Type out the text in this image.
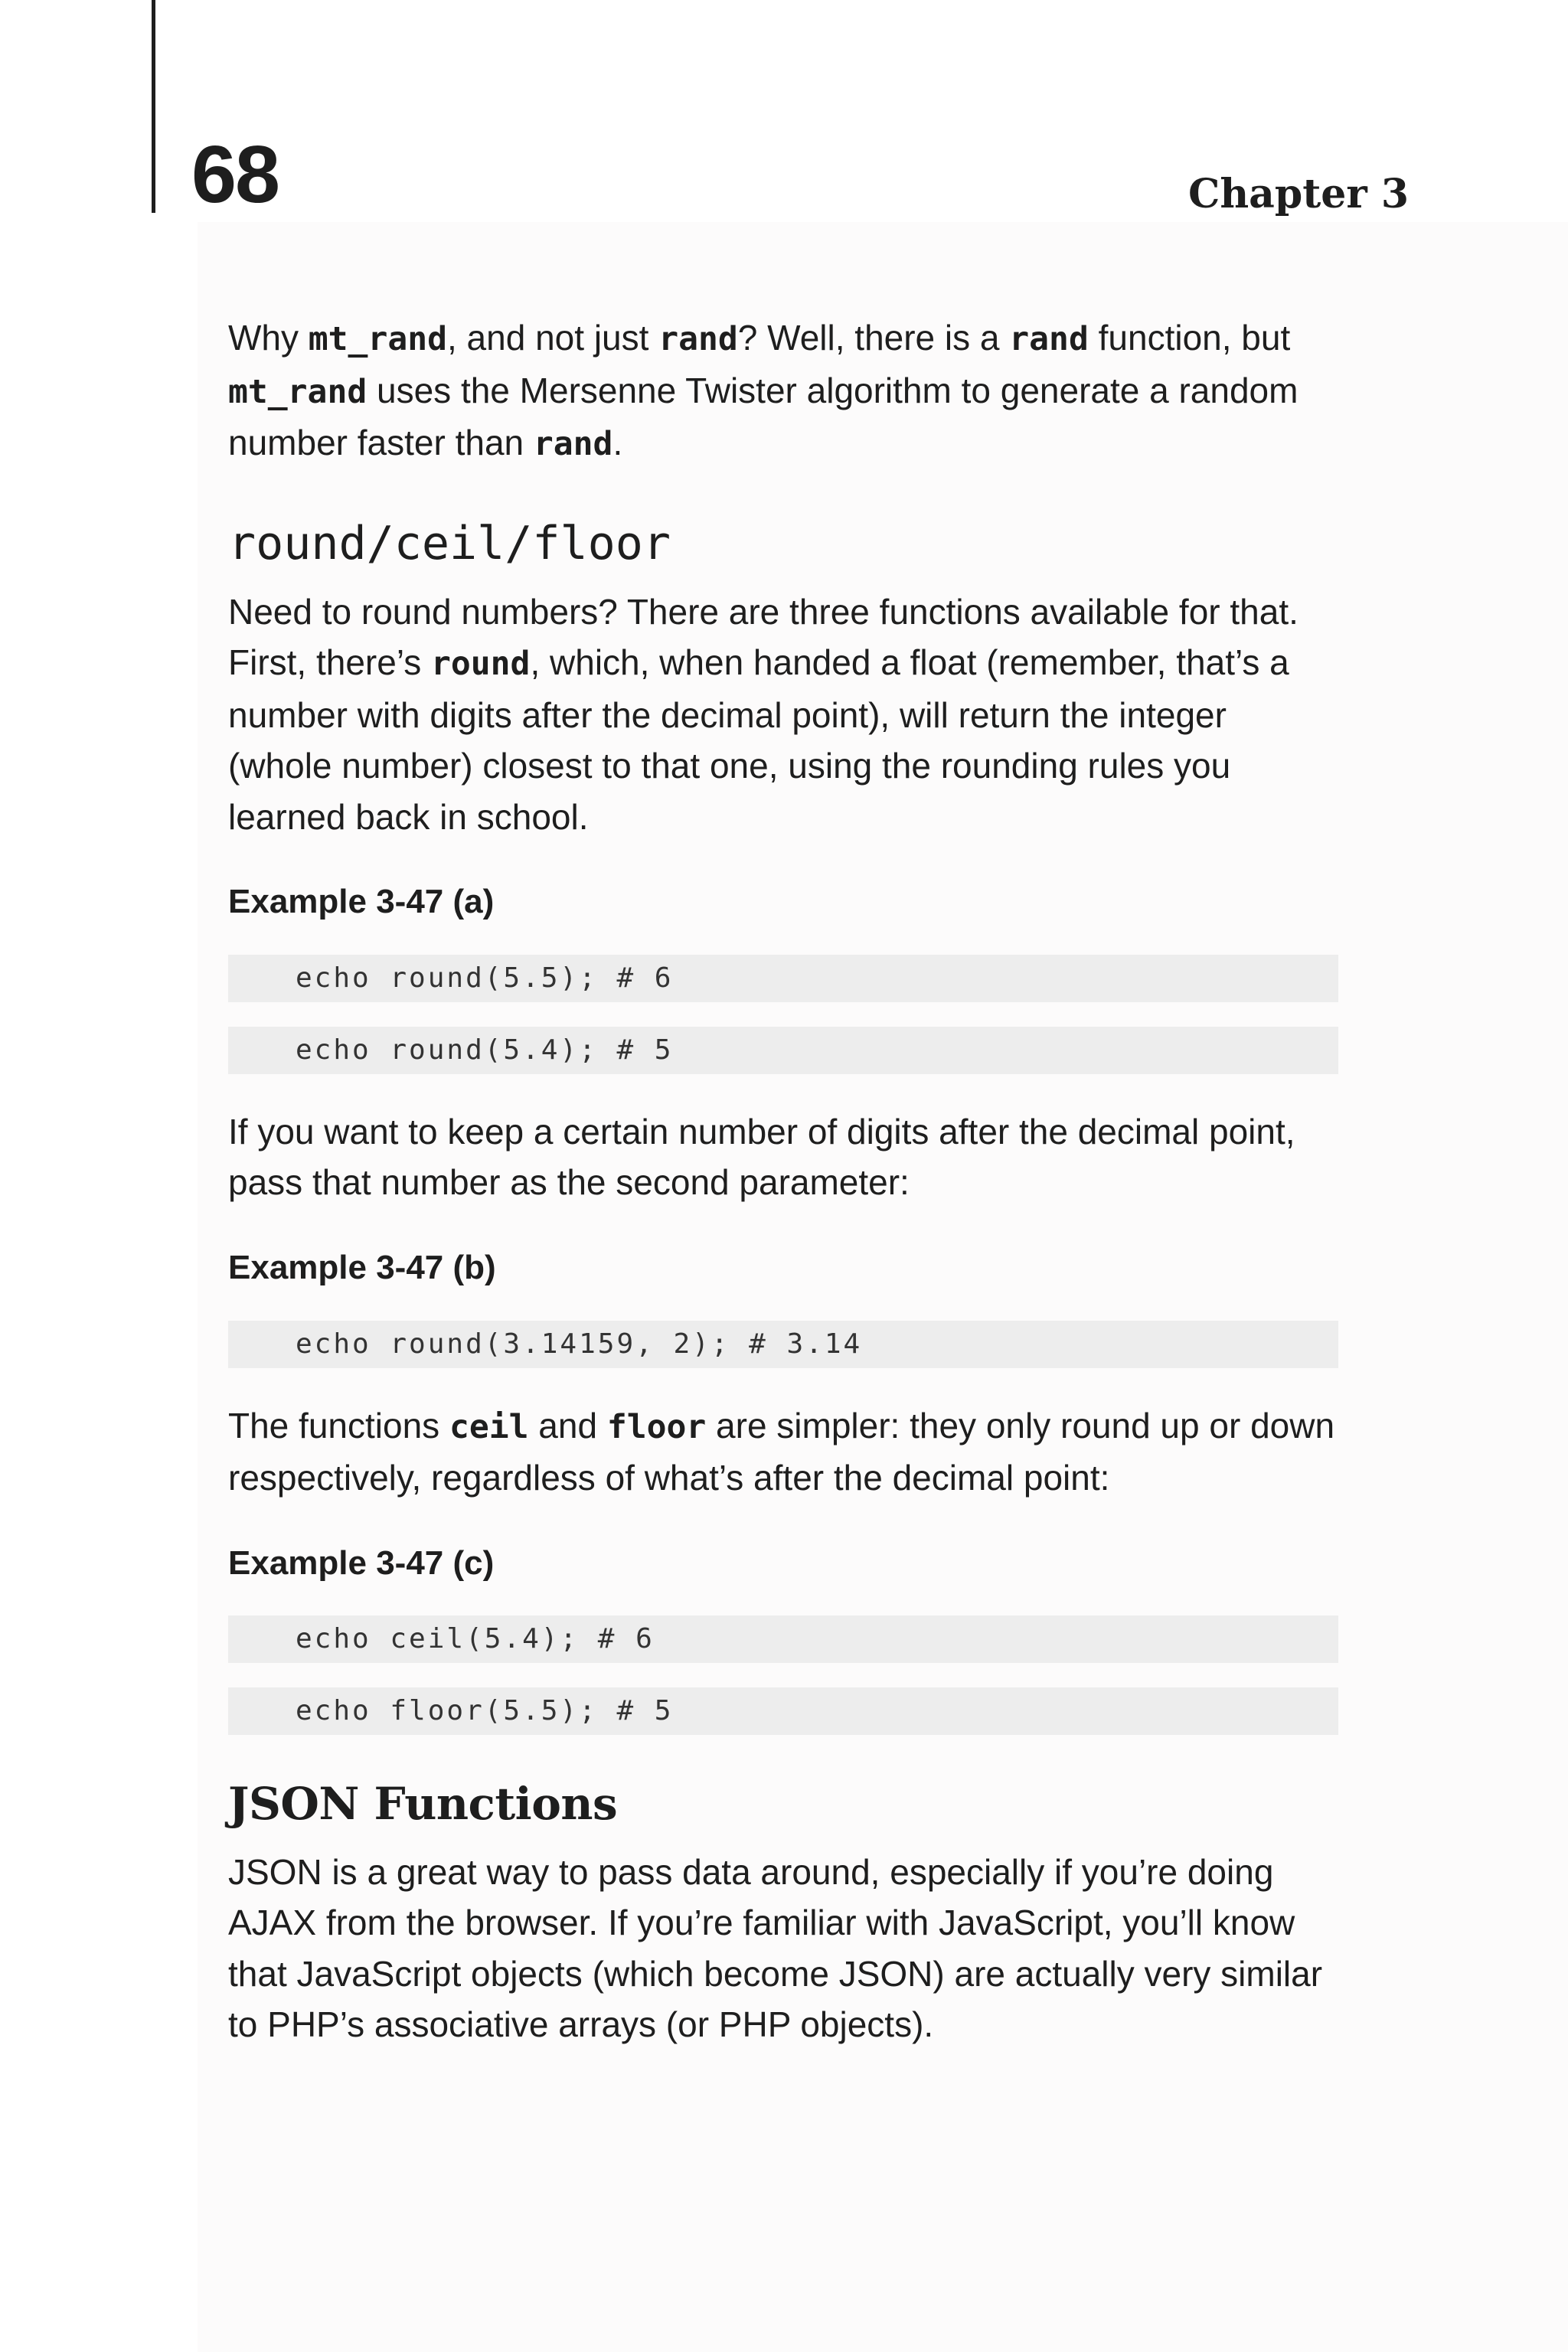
68	Chapter 3

Why mt_rand, and not just rand? Well, there is a rand function, but mt_rand uses the Mersenne Twister algorithm to generate a random number faster than rand.

round/ceil/floor

Need to round numbers? There are three functions available for that. First, there’s round, which, when handed a float (remember, that’s a number with digits after the decimal point), will return the integer (whole number) closest to that one, using the rounding rules you learned back in school.

Example 3-47 (a)
echo round(5.5); # 6
echo round(5.4); # 5

If you want to keep a certain number of digits after the decimal point, pass that number as the second parameter:

Example 3-47 (b)
echo round(3.14159, 2); # 3.14

The functions ceil and floor are simpler: they only round up or down respectively, regardless of what’s after the decimal point:

Example 3-47 (c)
echo ceil(5.4); # 6
echo floor(5.5); # 5
JSON Functions

JSON is a great way to pass data around, especially if you’re doing AJAX from the browser. If you’re familiar with JavaScript, you’ll know that JavaScript objects (which become JSON) are actually very similar to PHP’s associative arrays (or PHP objects).
